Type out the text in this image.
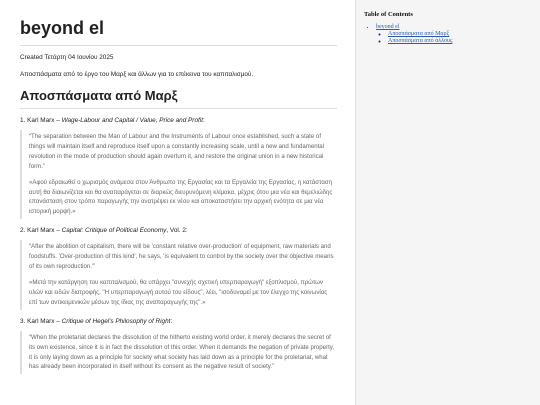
beyond el
Created Τετάρτη 04 Ιουνίου 2025
Αποσπάσματα από το έργο του Μαρξ και άλλων για το επέκεινα του καπιταλισμού.
Αποσπάσματα από Μαρξ
1. Karl Marx – Wage-Labour and Capital / Value, Price and Profit:

“The separation between the Man of Labour and the Instruments of Labour once established, such a state of things will maintain itself and reproduce itself upon a constantly increasing scale, until a new and fundamental revolution in the mode of production should again overturn it, and restore the original union in a new historical form.”

«Αφού εδραιωθεί ο χωρισμός ανάμεσα στον Άνθρωπο της Εργασίας και τα Εργαλεία της Εργασίας, η κατάσταση αυτή θα διαιωνίζεται και θα αναπαράγεται σε διαρκώς διευρυνόμενη κλίμακα, μέχρις ότου μια νέα και θεμελιώδης επανάσταση στον τρόπο παραγωγής την ανατρέψει εκ νέου και αποκαταστήσει την αρχική ενότητα σε μια νέα ιστορική μορφή.»

2. Karl Marx – Capital: Critique of Political Economy, Vol. 2:

“After the abolition of capitalism, there will be 'constant relative over-production' of equipment, raw materials and foodstuffs. 'Over-production of this kind', he says, 'is equivalent to control by the society over the objective means of its own reproduction.'”

«Μετά την κατάργηση του καπιταλισμού, θα υπάρχει "συνεχής σχετική υπερπαραγωγή" εξοπλισμού, πρώτων υλών και ειδών διατροφής. "Η υπερπαραγωγή αυτού του είδους", λέει, "ισοδυναμεί με τον έλεγχο της κοινωνίας επί των αντικειμενικών μέσων της ίδιας της αναπαραγωγής της".»

3. Karl Marx – Critique of Hegel's Philosophy of Right:

“When the proletariat declares the dissolution of the hitherto existing world order, it merely declares the secret of its own existence, since it is in fact the dissolution of this order. When it demands the negation of private property, it is only laying down as a principle for society what society has laid down as a principle for the proletariat, what has already been incorporated in itself without its consent as the negative result of society.”

Table of Contents
• beyond el
◦ Αποσπάσματα από Μαρξ
◦ Αποσπάσματα από άλλους
